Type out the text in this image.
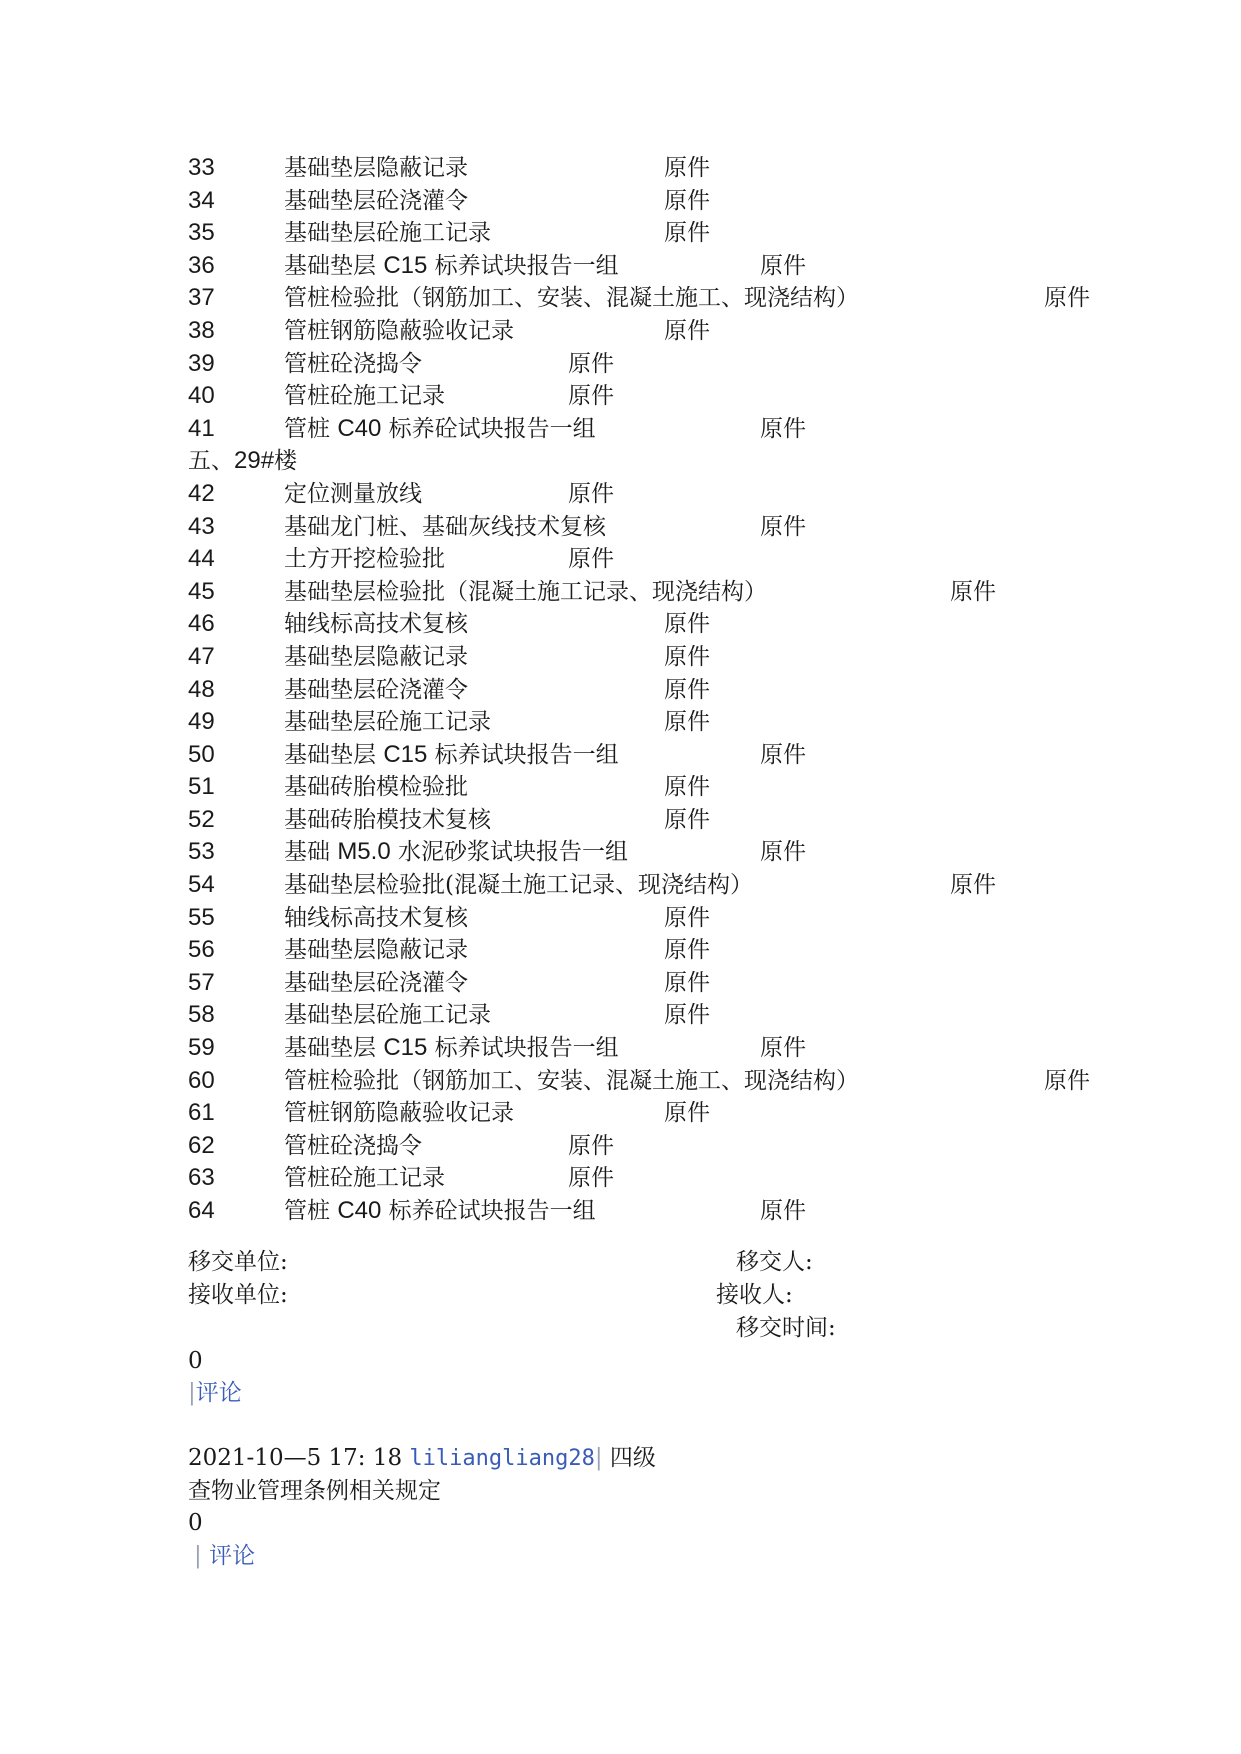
33	基础垫层隐蔽记录	原件
34	基础垫层砼浇灌令	原件
35	基础垫层砼施工记录	原件
36	基础垫层 C15 标养试块报告一组	原件
37	管桩检验批（钢筋加工、安装、混凝土施工、现浇结构）	原件
38	管桩钢筋隐蔽验收记录	原件
39	管桩砼浇捣令	原件
40	管桩砼施工记录	原件
41	管桩 C40 标养砼试块报告一组	原件
五、29#楼
42	定位测量放线	原件
43	基础龙门桩、基础灰线技术复核	原件
44	土方开挖检验批	原件
45	基础垫层检验批（混凝土施工记录、现浇结构）	原件
46	轴线标高技术复核	原件
47	基础垫层隐蔽记录	原件
48	基础垫层砼浇灌令	原件
49	基础垫层砼施工记录	原件
50	基础垫层 C15 标养试块报告一组	原件
51	基础砖胎模检验批	原件
52	基础砖胎模技术复核	原件
53	基础 M5.0 水泥砂浆试块报告一组	原件
54	基础垫层检验批(混凝土施工记录、现浇结构）	原件
55	轴线标高技术复核	原件
56	基础垫层隐蔽记录	原件
57	基础垫层砼浇灌令	原件
58	基础垫层砼施工记录	原件
59	基础垫层 C15 标养试块报告一组	原件
60	管桩检验批（钢筋加工、安装、混凝土施工、现浇结构）	原件
61	管桩钢筋隐蔽验收记录	原件
62	管桩砼浇捣令	原件
63	管桩砼施工记录	原件
64	管桩 C40 标养砼试块报告一组	原件
移交单位:	移交人:
接收单位:	接收人:
移交时间:
0
|评论
2021-10—5 17: 18 liliangliang28| 四级
查物业管理条例相关规定
0
| 评论
